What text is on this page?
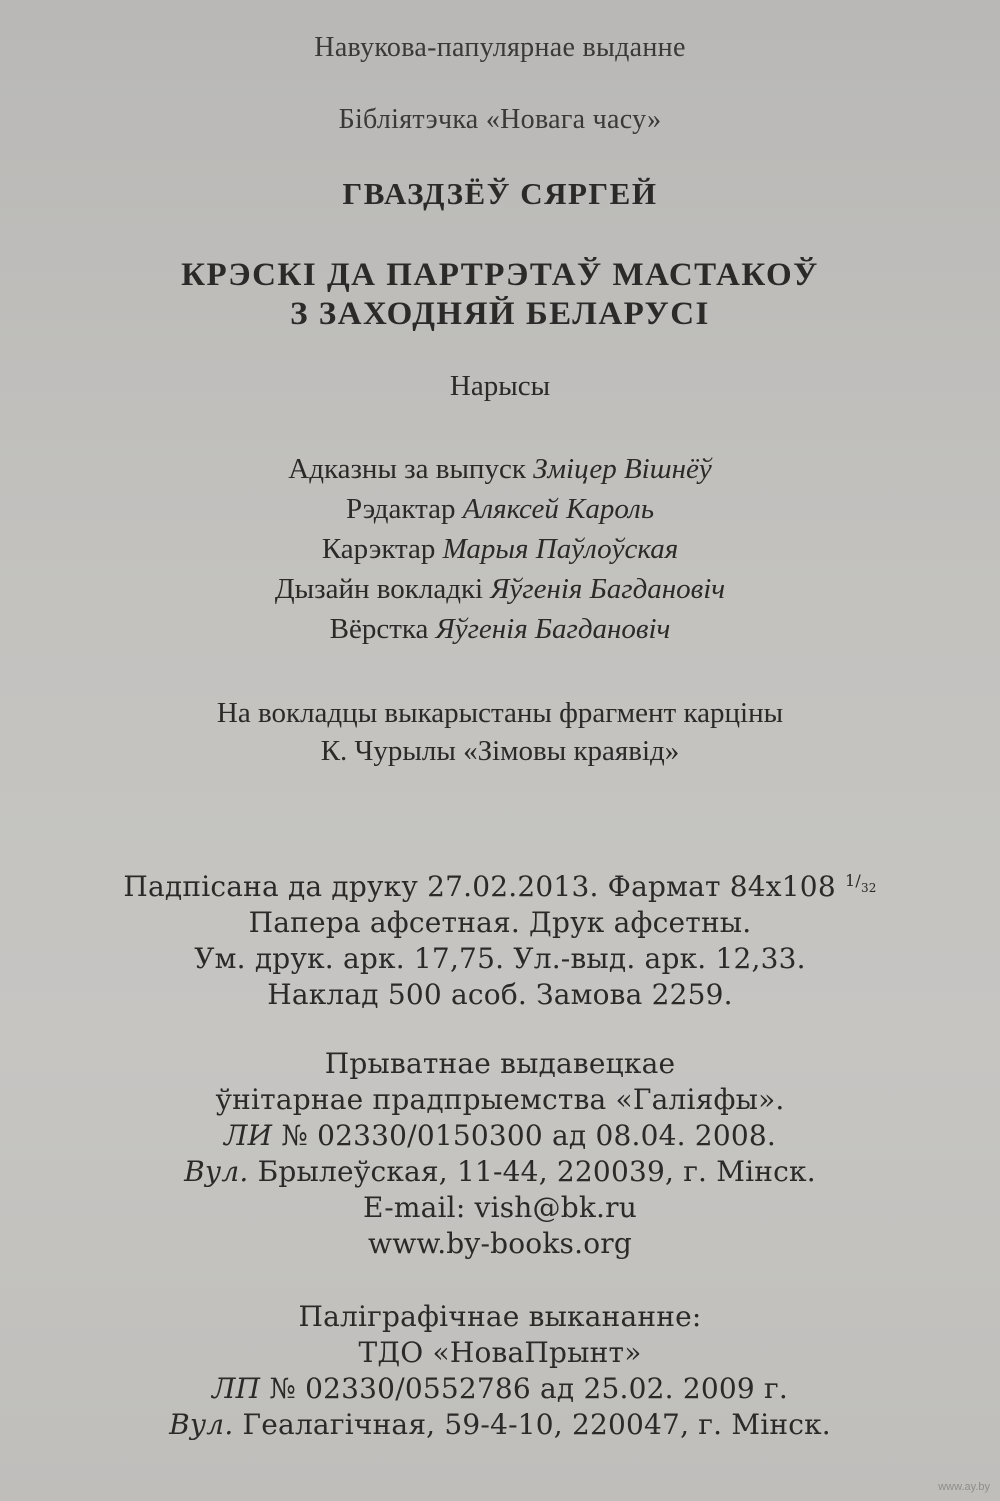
Навукова-папулярнае выданне
Бібліятэчка «Новага часу»
ГВАЗДЗЁЎ СЯРГЕЙ
КРЭСКІ ДА ПАРТРЭТАЎ МАСТАКОЎ
З ЗАХОДНЯЙ БЕЛАРУСІ
Нарысы
Адказны за выпуск Зміцер Вішнёў
Рэдактар Аляксей Кароль
Карэктар Марыя Паўлоўская
Дызайн вокладкі Яўгенія Багдановіч
Вёрстка Яўгенія Багдановіч
На вокладцы выкарыстаны фрагмент карціны
К. Чурылы «Зімовы краявід»
Падпісана да друку 27.02.2013. Фармат 84х108 $^{1/_{32}}$
Папера афсетная. Друк афсетны.
Ум. друк. арк. 17,75. Ул.-выд. арк. 12,33.
Наклад 500 асоб. Замова 2259.
Прыватнае выдавецкае
ўнітарнае прадпрыемства «Галіяфы».
ЛИ № 02330/0150300 ад 08.04. 2008.
Вул. Брылеўская, 11-44, 220039, г. Мінск.
E-mail: vish@bk.ru
www.by-books.org
Паліграфічнае выкананне:
ТДО «НоваПрынт»
ЛП № 02330/0552786 ад 25.02. 2009 г.
Вул. Геалагічная, 59-4-10, 220047, г. Мінск.
www.ay.by
